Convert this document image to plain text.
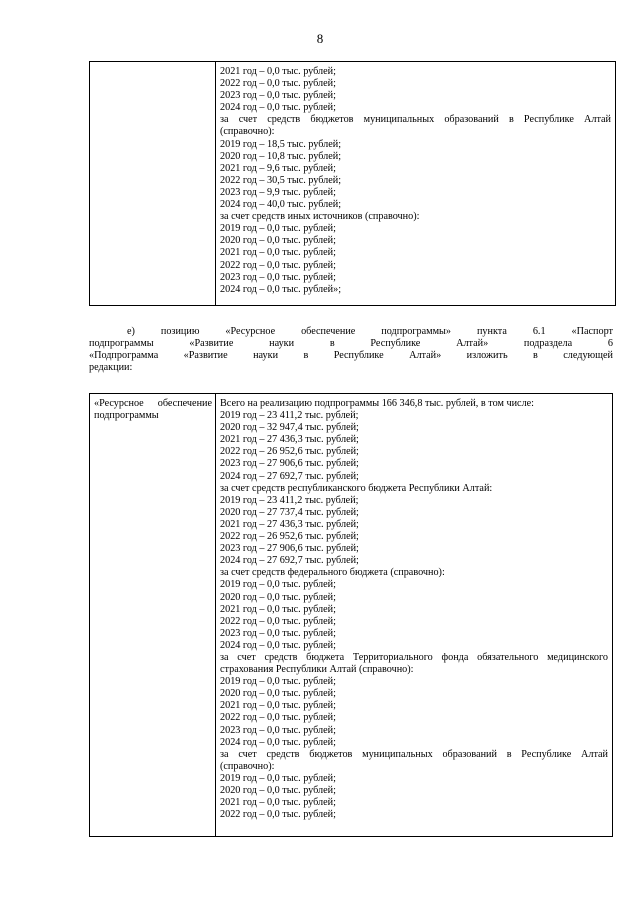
8

2021 год – 0,0 тыс. рублей;
2022 год – 0,0 тыс. рублей;
2023 год – 0,0 тыс. рублей;
2024 год – 0,0 тыс. рублей;
за счет средств бюджетов муниципальных образований в Республике Алтай
(справочно):
2019 год – 18,5 тыс. рублей;
2020 год – 10,8 тыс. рублей;
2021 год – 9,6 тыс. рублей;
2022 год – 30,5 тыс. рублей;
2023 год – 9,9 тыс. рублей;
2024 год – 40,0 тыс. рублей;
за счет средств иных источников (справочно):
2019 год – 0,0 тыс. рублей;
2020 год – 0,0 тыс. рублей;
2021 год – 0,0 тыс. рублей;
2022 год – 0,0 тыс. рублей;
2023 год – 0,0 тыс. рублей;
2024 год – 0,0 тыс. рублей»;
е) позицию «Ресурсное обеспечение подпрограммы» пункта 6.1 «Паспорт
подпрограммы «Развитие науки в Республике Алтай» подраздела 6
«Подпрограмма «Развитие науки в Республике Алтай» изложить в следующей
редакции:
«Ресурсное обеспечение
подпрограммы

Всего на реализацию подпрограммы 166 346,8 тыс. рублей, в том числе:
2019 год – 23 411,2 тыс. рублей;
2020 год – 32 947,4 тыс. рублей;
2021 год – 27 436,3 тыс. рублей;
2022 год – 26 952,6 тыс. рублей;
2023 год – 27 906,6 тыс. рублей;
2024 год – 27 692,7 тыс. рублей;
за счет средств республиканского бюджета Республики Алтай:
2019 год – 23 411,2 тыс. рублей;
2020 год – 27 737,4 тыс. рублей;
2021 год – 27 436,3 тыс. рублей;
2022 год – 26 952,6 тыс. рублей;
2023 год – 27 906,6 тыс. рублей;
2024 год – 27 692,7 тыс. рублей;
за счет средств федерального бюджета (справочно):
2019 год – 0,0 тыс. рублей;
2020 год – 0,0 тыс. рублей;
2021 год – 0,0 тыс. рублей;
2022 год – 0,0 тыс. рублей;
2023 год – 0,0 тыс. рублей;
2024 год – 0,0 тыс. рублей;
за счет средств бюджета Территориального фонда обязательного медицинского
страхования Республики Алтай (справочно):
2019 год – 0,0 тыс. рублей;
2020 год – 0,0 тыс. рублей;
2021 год – 0,0 тыс. рублей;
2022 год – 0,0 тыс. рублей;
2023 год – 0,0 тыс. рублей;
2024 год – 0,0 тыс. рублей;
за счет средств бюджетов муниципальных образований в Республике Алтай
(справочно):
2019 год – 0,0 тыс. рублей;
2020 год – 0,0 тыс. рублей;
2021 год – 0,0 тыс. рублей;
2022 год – 0,0 тыс. рублей;
